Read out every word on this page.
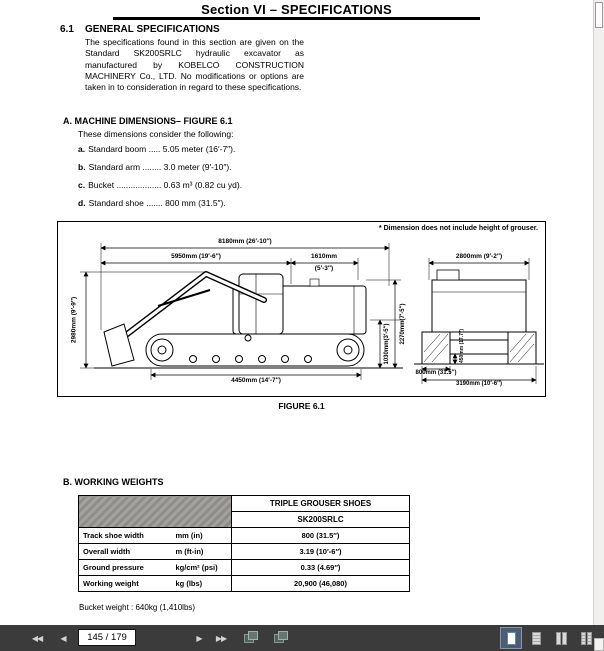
Section VI – SPECIFICATIONS
6.1 GENERAL SPECIFICATIONS
The specifications found in this section are given on the Standard SK200SRLC hydraulic excavator as manufactured by KOBELCO CONSTRUCTION MACHINERY Co., LTD. No modifications or options are taken in to consideration in regard to these specifications.
A. MACHINE DIMENSIONS– FIGURE 6.1
These dimensions consider the following:
a. Standard boom ..... 5.05 meter (16′-7″).
b. Standard arm ........ 3.0 meter (9′-10″).
c. Bucket ................... 0.63 m³ (0.82 cu yd).
d. Standard shoe ....... 800 mm (31.5″).
* Dimension does not include height of grouser.
8180mm (26′-10″)
5950mm (19′-6″)	1610mm
(5′-3″)
2980mm (9′-9″)
1030mm(3′-5″) 2270mm(7′-5″)
4450mm (14′-7″)
2800mm (9′-2″)
450mm (17.7″)
800mm (31.5″)
3190mm (10′-6″)
FIGURE 6.1
B. WORKING WEIGHTS
		TRIPLE GROUSER SHOES
		SK200SRLC
Track shoe width	mm (in)	800 (31.5″)
Overall width	m (ft-in)	3.19 (10′-6″)
Ground pressure	kg/cm² (psi)	0.33 (4.69″)
Working weight	kg (lbs)	20,900 (46,080)
Bucket weight : 640kg (1,410lbs)
◀◀	◀
145 / 179	▶	▶▶
